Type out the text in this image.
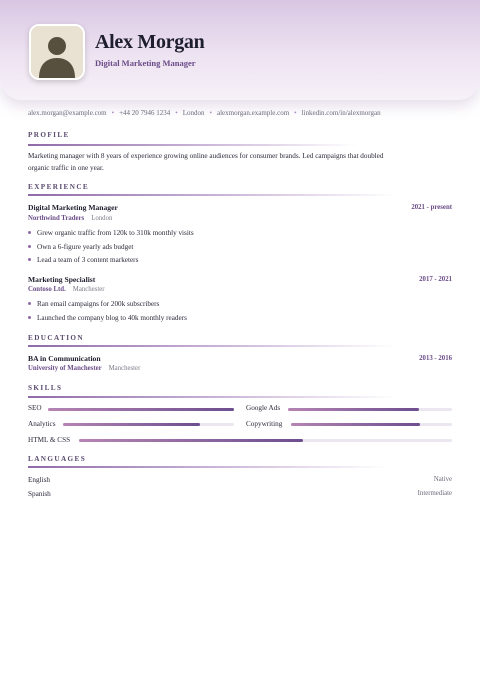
Alex Morgan
Digital Marketing Manager
alex.morgan@example.com • +44 20 7946 1234 • London • alexmorgan.example.com • linkedin.com/in/alexmorgan
PROFILE
Marketing manager with 8 years of experience growing online audiences for consumer brands. Led campaigns that doubled
organic traffic in one year.
EXPERIENCE
Digital Marketing Manager	2021 - present
Northwind Traders London
Grew organic traffic from 120k to 310k monthly visits
Own a 6-figure yearly ads budget
Lead a team of 3 content marketers
Marketing Specialist	2017 - 2021
Contoso Ltd. Manchester
Ran email campaigns for 200k subscribers
Launched the company blog to 40k monthly readers
EDUCATION
BA in Communication	2013 - 2016
University of Manchester Manchester
SKILLS
SEO	Google Ads
Analytics	Copywriting
HTML & CSS
LANGUAGES
English	Native
Spanish	Intermediate
